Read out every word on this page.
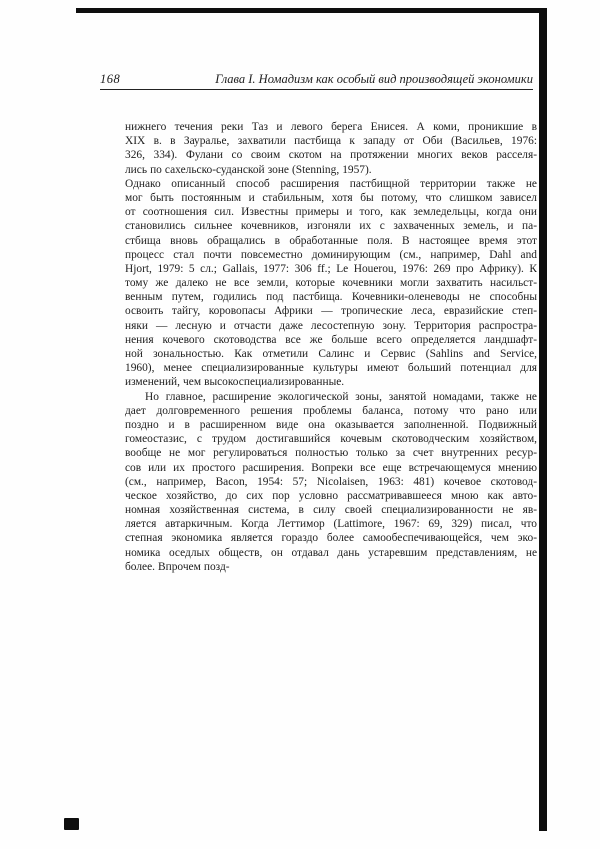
168	Глава I. Номадизм как особый вид производящей экономики
нижнего течения реки Таз и левого берега Енисея. А коми, проникшие в
XIX в. в Зауралье, захватили пастбища к западу от Оби (Васильев, 1976:
326, 334). Фулани со своим скотом на протяжении многих веков расселя-
лись по сахельско-суданской зоне (Stenning, 1957).
Однако описанный способ расширения пастбищной территории также не
мог быть постоянным и стабильным, хотя бы потому, что слишком зависел
от соотношения сил. Известны примеры и того, как земледельцы, когда они
становились сильнее кочевников, изгоняли их с захваченных земель, и па-
стбища вновь обращались в обработанные поля. В настоящее время этот
процесс стал почти повсеместно доминирующим (см., например, Dahl and
Hjort, 1979: 5 сл.; Gallais, 1977: 306 ff.; Le Houerou, 1976: 269 про Африку). К
тому же далеко не все земли, которые кочевники могли захватить насильст-
венным путем, годились под пастбища. Кочевники-оленеводы не способны
освоить тайгу, коровопасы Африки — тропические леса, евразийские степ-
няки — лесную и отчасти даже лесостепную зону. Территория распростра-
нения кочевого скотоводства все же больше всего определяется ландшафт-
ной зональностью. Как отметили Салинс и Сервис (Sahlins and Service,
1960), менее специализированные культуры имеют больший потенциал для
изменений, чем высокоспециализированные.
Но главное, расширение экологической зоны, занятой номадами, также не
дает долговременного решения проблемы баланса, потому что рано или
поздно и в расширенном виде она оказывается заполненной. Подвижный
гомеостазис, с трудом достигавшийся кочевым скотоводческим хозяйством,
вообще не мог регулироваться полностью только за счет внутренних ресур-
сов или их простого расширения. Вопреки все еще встречающемуся мнению
(см., например, Bacon, 1954: 57; Nicolaisen, 1963: 481) кочевое скотовод-
ческое хозяйство, до сих пор условно рассматривавшееся мною как авто-
номная хозяйственная система, в силу своей специализированности не яв-
ляется автаркичным. Когда Леттимор (Lattimore, 1967: 69, 329) писал, что
степная экономика является гораздо более самообеспечивающейся, чем эко-
номика оседлых обществ, он отдавал дань устаревшим представлениям, не
более. Впрочем позд-
